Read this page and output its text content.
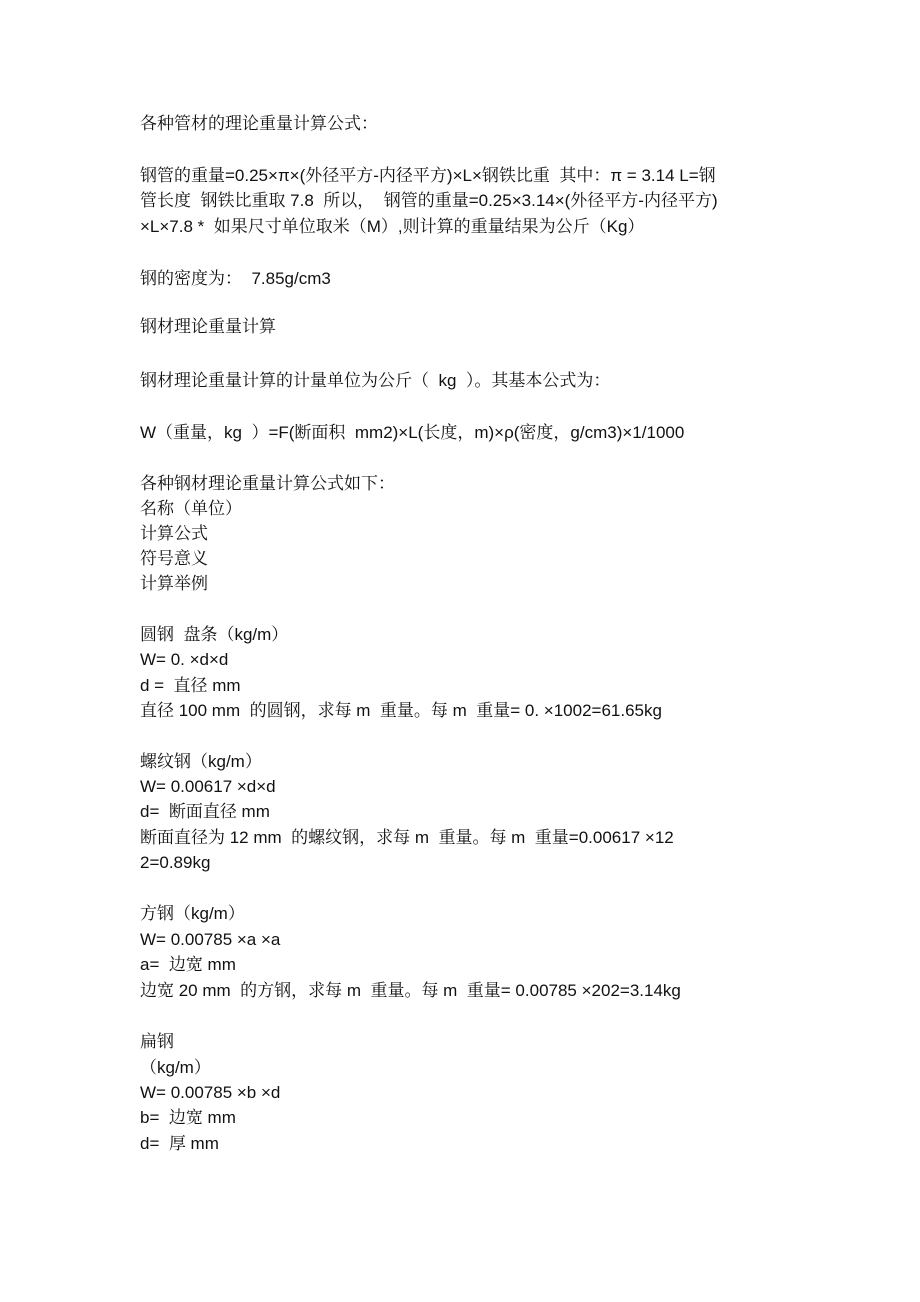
各种管材的理论重量计算公式：
钢管的重量=0.25×π×(外径平方-内径平方)×L×钢铁比重  其中：π = 3.14 L=钢
管长度  钢铁比重取 7.8  所以，  钢管的重量=0.25×3.14×(外径平方-内径平方)
×L×7.8 *  如果尺寸单位取米（M）,则计算的重量结果为公斤（Kg）
钢的密度为：  7.85g/cm3
钢材理论重量计算
钢材理论重量计算的计量单位为公斤（  kg  ）。其基本公式为：
W（重量，kg  ）=F(断面积  mm2)×L(长度，m)×ρ(密度，g/cm3)×1/1000
各种钢材理论重量计算公式如下：
名称（单位）
计算公式
符号意义
计算举例
圆钢  盘条（kg/m）
W= 0. ×d×d
d =  直径 mm
直径 100 mm  的圆钢，求每 m  重量。每 m  重量= 0. ×1002=61.65kg
螺纹钢（kg/m）
W= 0.00617 ×d×d
d=  断面直径 mm
断面直径为 12 mm  的螺纹钢，求每 m  重量。每 m  重量=0.00617 ×12
2=0.89kg
方钢（kg/m）
W= 0.00785 ×a ×a
a=  边宽 mm
边宽 20 mm  的方钢，求每 m  重量。每 m  重量= 0.00785 ×202=3.14kg
扁钢
（kg/m）
W= 0.00785 ×b ×d
b=  边宽 mm
d=  厚 mm
